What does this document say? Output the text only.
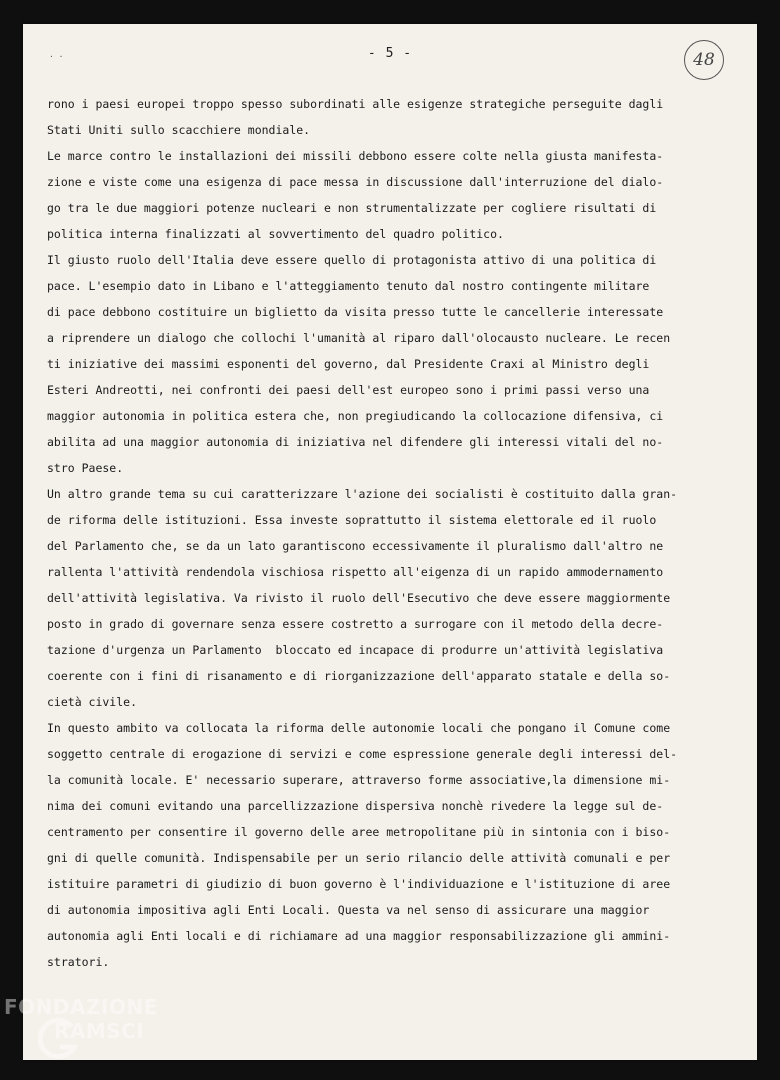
· ·	- 5 -	48
rono i paesi europei troppo spesso subordinati alle esigenze strategiche perseguite dagli
Stati Uniti sullo scacchiere mondiale.
Le marce contro le installazioni dei missili debbono essere colte nella giusta manifesta-
zione e viste come una esigenza di pace messa in discussione dall'interruzione del dialo-
go tra le due maggiori potenze nucleari e non strumentalizzate per cogliere risultati di
politica interna finalizzati al sovvertimento del quadro politico.
Il giusto ruolo dell'Italia deve essere quello di protagonista attivo di una politica di
pace. L'esempio dato in Libano e l'atteggiamento tenuto dal nostro contingente militare
di pace debbono costituire un biglietto da visita presso tutte le cancellerie interessate
a riprendere un dialogo che collochi l'umanità al riparo dall'olocausto nucleare. Le recen
ti iniziative dei massimi esponenti del governo, dal Presidente Craxi al Ministro degli
Esteri Andreotti, nei confronti dei paesi dell'est europeo sono i primi passi verso una
maggior autonomia in politica estera che, non pregiudicando la collocazione difensiva, ci
abilita ad una maggior autonomia di iniziativa nel difendere gli interessi vitali del no-
stro Paese.
Un altro grande tema su cui caratterizzare l'azione dei socialisti è costituito dalla gran-
de riforma delle istituzioni. Essa investe soprattutto il sistema elettorale ed il ruolo
del Parlamento che, se da un lato garantiscono eccessivamente il pluralismo dall'altro ne
rallenta l'attività rendendola vischiosa rispetto all'eigenza di un rapido ammodernamento
dell'attività legislativa. Va rivisto il ruolo dell'Esecutivo che deve essere maggiormente
posto in grado di governare senza essere costretto a surrogare con il metodo della decre-
tazione d'urgenza un Parlamento  bloccato ed incapace di produrre un'attività legislativa
coerente con i fini di risanamento e di riorganizzazione dell'apparato statale e della so-
cietà civile.
In questo ambito va collocata la riforma delle autonomie locali che pongano il Comune come
soggetto centrale di erogazione di servizi e come espressione generale degli interessi del-
la comunità locale. E' necessario superare, attraverso forme associative,la dimensione mi-
nima dei comuni evitando una parcellizzazione dispersiva nonchè rivedere la legge sul de-
centramento per consentire il governo delle aree metropolitane più in sintonia con i biso-
gni di quelle comunità. Indispensabile per un serio rilancio delle attività comunali e per
istituire parametri di giudizio di buon governo è l'individuazione e l'istituzione di aree
di autonomia impositiva agli Enti Locali. Questa va nel senso di assicurare una maggior
autonomia agli Enti locali e di richiamare ad una maggior responsabilizzazione gli ammini-
stratori.
FONDAZIONE
RAMSCI
